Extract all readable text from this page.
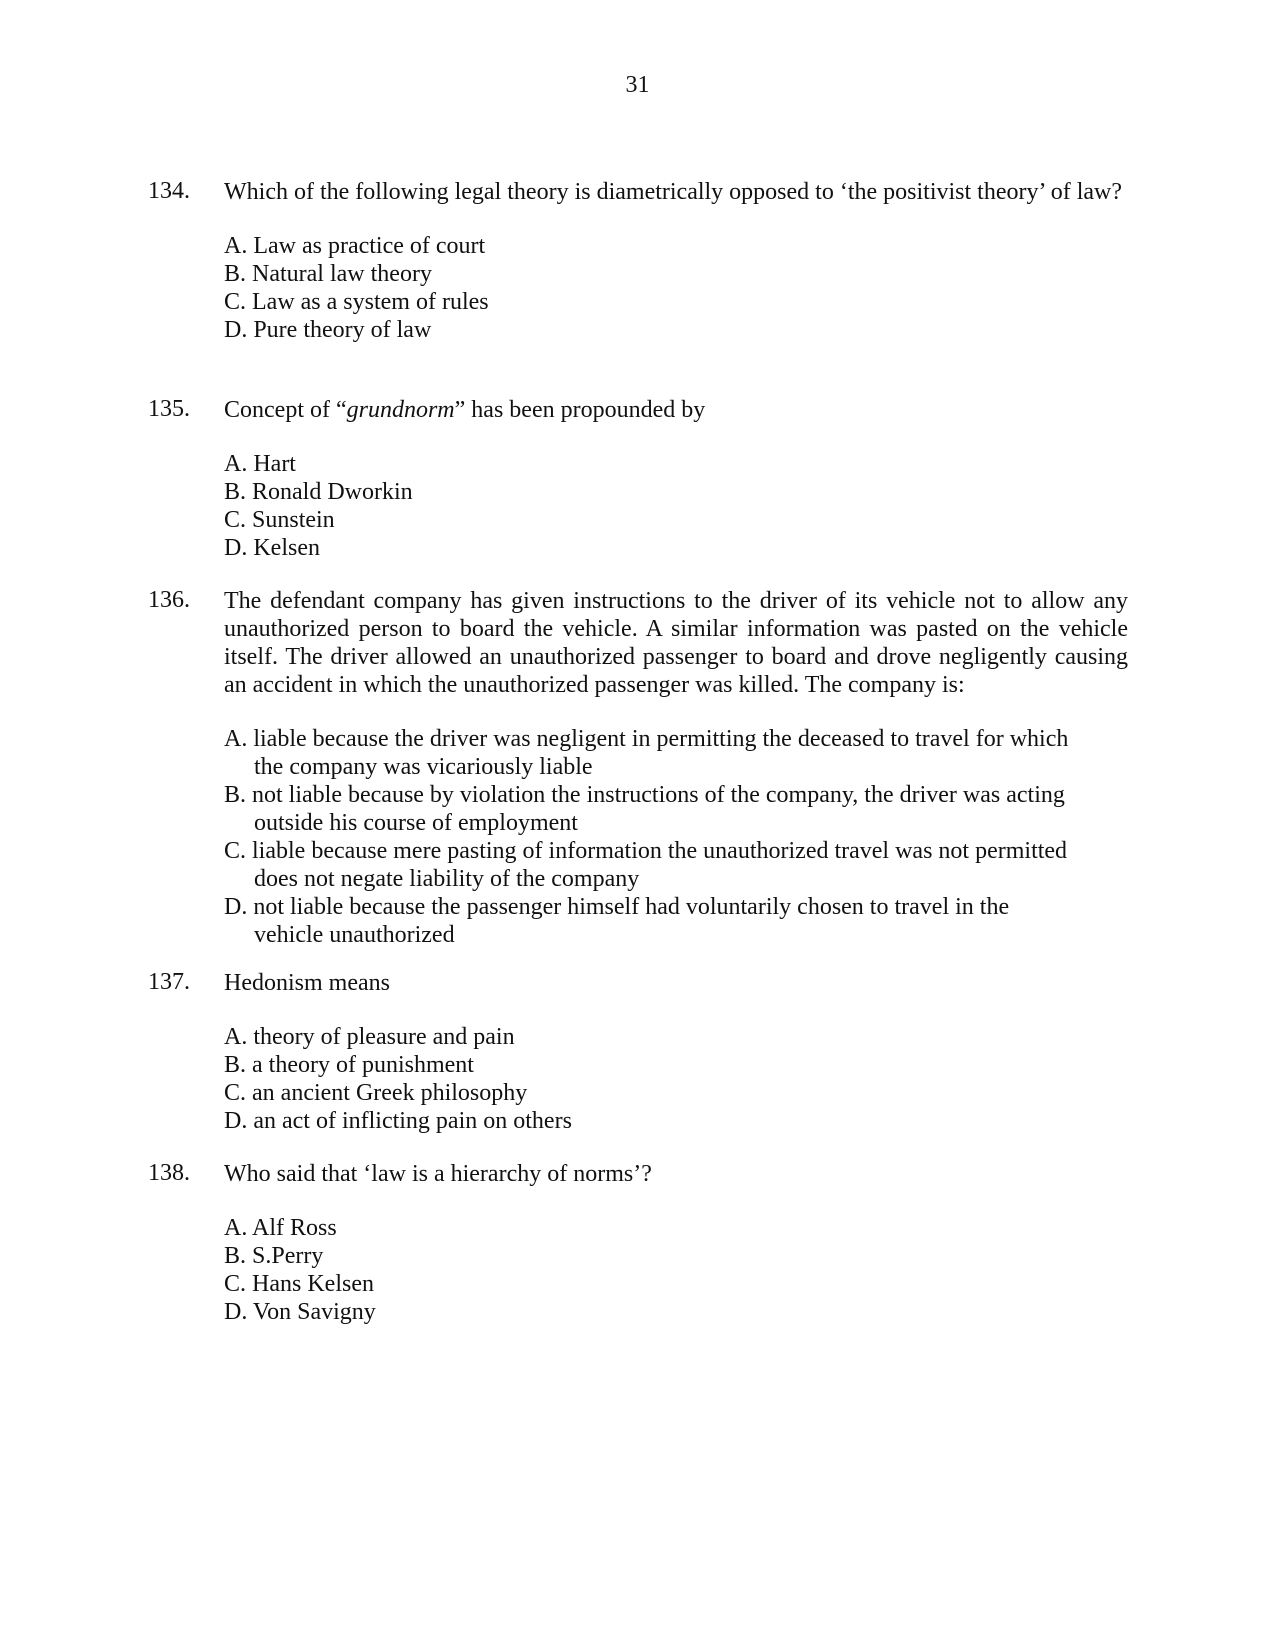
31
134.	Which of the following legal theory is diametrically opposed to ‘the positivist theory’ of law?
A. Law as practice of court
B. Natural law theory
C. Law as a system of rules
D. Pure theory of law
135.	Concept of “grundnorm” has been propounded by
A. Hart
B. Ronald Dworkin
C. Sunstein
D. Kelsen
136.	The defendant company has given instructions to the driver of its vehicle not to allow any unauthorized person to board the vehicle. A similar information was pasted on the vehicle itself. The driver allowed an unauthorized passenger to board and drove negligently causing an accident in which the unauthorized passenger was killed. The company is:
A. liable because the driver was negligent in permitting the deceased to travel for which the company was vicariously liable
B. not liable because by violation the instructions of the company, the driver was acting outside his course of employment
C. liable because mere pasting of information the unauthorized travel was not permitted does not negate liability of the company
D. not liable because the passenger himself had voluntarily chosen to travel in the vehicle unauthorized
137.	Hedonism means
A. theory of pleasure and pain
B. a theory of punishment
C. an ancient Greek philosophy
D. an act of inflicting pain on others
138.	Who said that ‘law is a hierarchy of norms’?
A. Alf Ross
B. S.Perry
C. Hans Kelsen
D. Von Savigny
